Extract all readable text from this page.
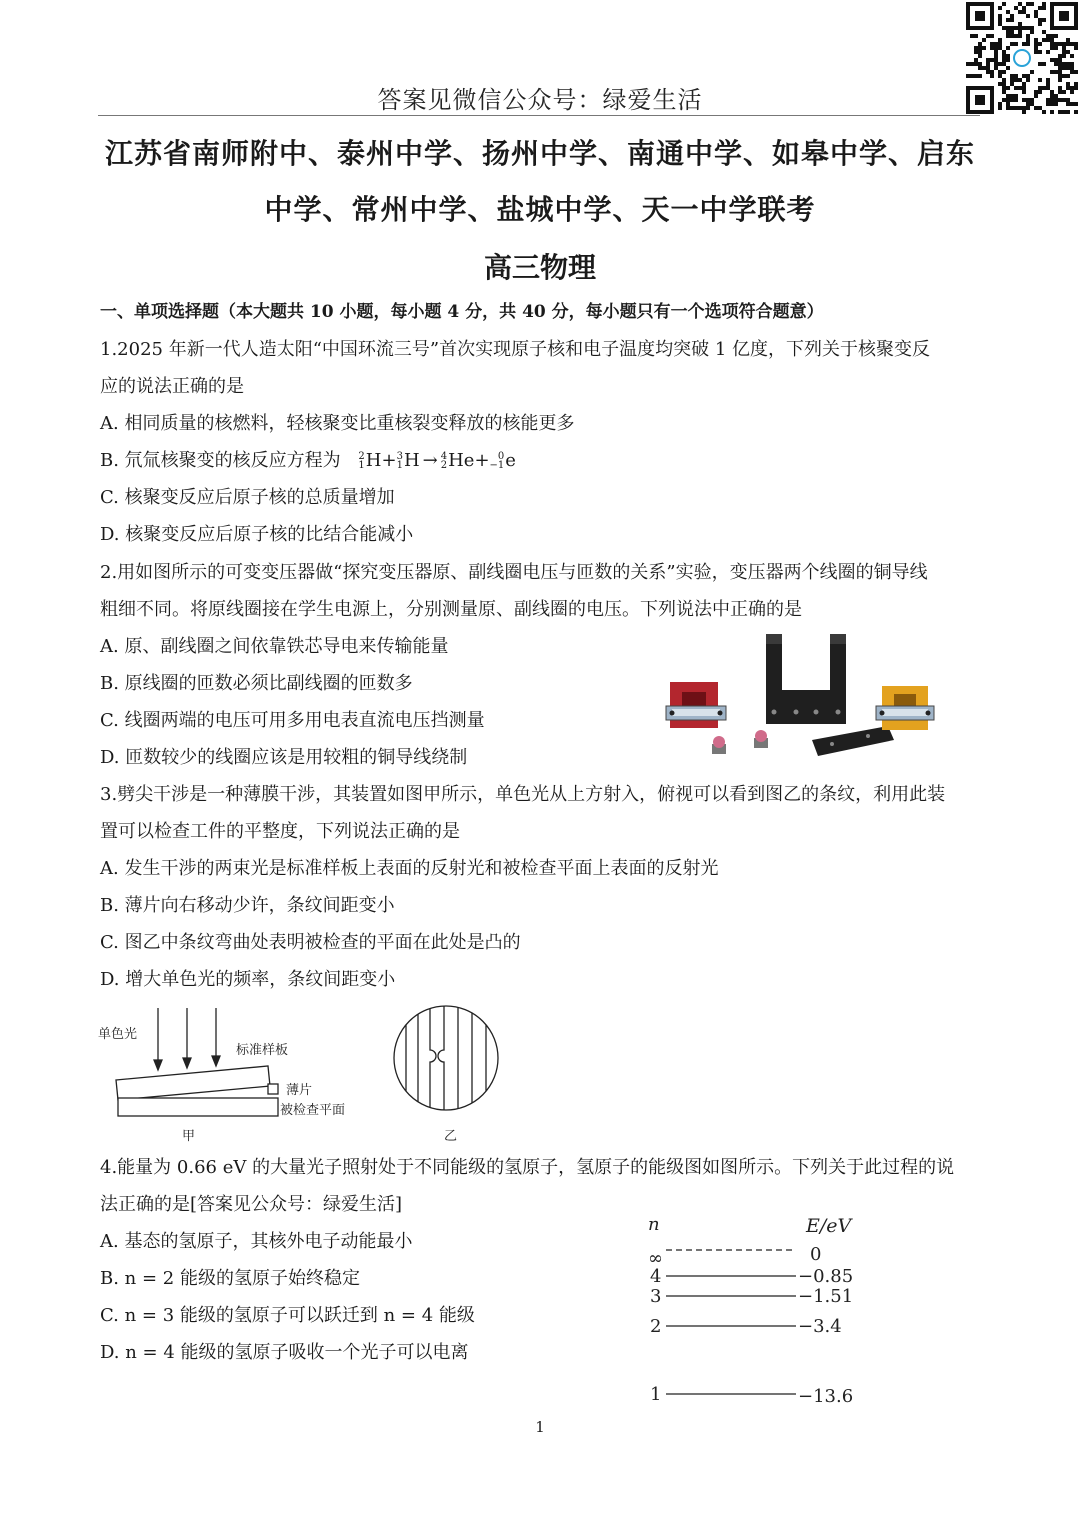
答案见微信公众号：绿爱生活
江苏省南师附中、泰州中学、扬州中学、南通中学、如皋中学、启东
中学、常州中学、盐城中学、天一中学联考
高三物理
一、单项选择题（本大题共 10 小题，每小题 4 分，共 40 分，每小题只有一个选项符合题意）
1.2025 年新一代人造太阳“中国环流三号”首次实现原子核和电子温度均突破 1 亿度，下列关于核聚变反
应的说法正确的是
A. 相同质量的核燃料，轻核聚变比重核裂变释放的核能更多
B. 氘氚核聚变的核反应方程为 2
1 H+ 3
1 H → 4
2 He+ 0
−1 e
C. 核聚变反应后原子核的总质量增加
D. 核聚变反应后原子核的比结合能减小
2.用如图所示的可变变压器做“探究变压器原、副线圈电压与匝数的关系”实验，变压器两个线圈的铜导线
粗细不同。将原线圈接在学生电源上，分别测量原、副线圈的电压。下列说法中正确的是
A. 原、副线圈之间依靠铁芯导电来传输能量
B. 原线圈的匝数必须比副线圈的匝数多
C. 线圈两端的电压可用多用电表直流电压挡测量
D. 匝数较少的线圈应该是用较粗的铜导线绕制
3.劈尖干涉是一种薄膜干涉，其装置如图甲所示，单色光从上方射入，俯视可以看到图乙的条纹，利用此装
置可以检查工件的平整度，下列说法正确的是
A. 发生干涉的两束光是标准样板上表面的反射光和被检查平面上表面的反射光
B. 薄片向右移动少许，条纹间距变小
C. 图乙中条纹弯曲处表明被检查的平面在此处是凸的
D. 增大单色光的频率，条纹间距变小
单色光
标准样板
薄片
被检查平面
甲	乙
4.能量为 0.66 eV 的大量光子照射处于不同能级的氢原子，氢原子的能级图如图所示。下列关于此过程的说
法正确的是[答案见公众号：绿爱生活]
A. 基态的氢原子，其核外电子动能最小
B. n = 2 能级的氢原子始终稳定
C. n = 3 能级的氢原子可以跃迁到 n = 4 能级
D. n = 4 能级的氢原子吸收一个光子可以电离
n	E/eV
∞	0
4	−0.85
3	−1.51
2	−3.4
1	−13.6
1
